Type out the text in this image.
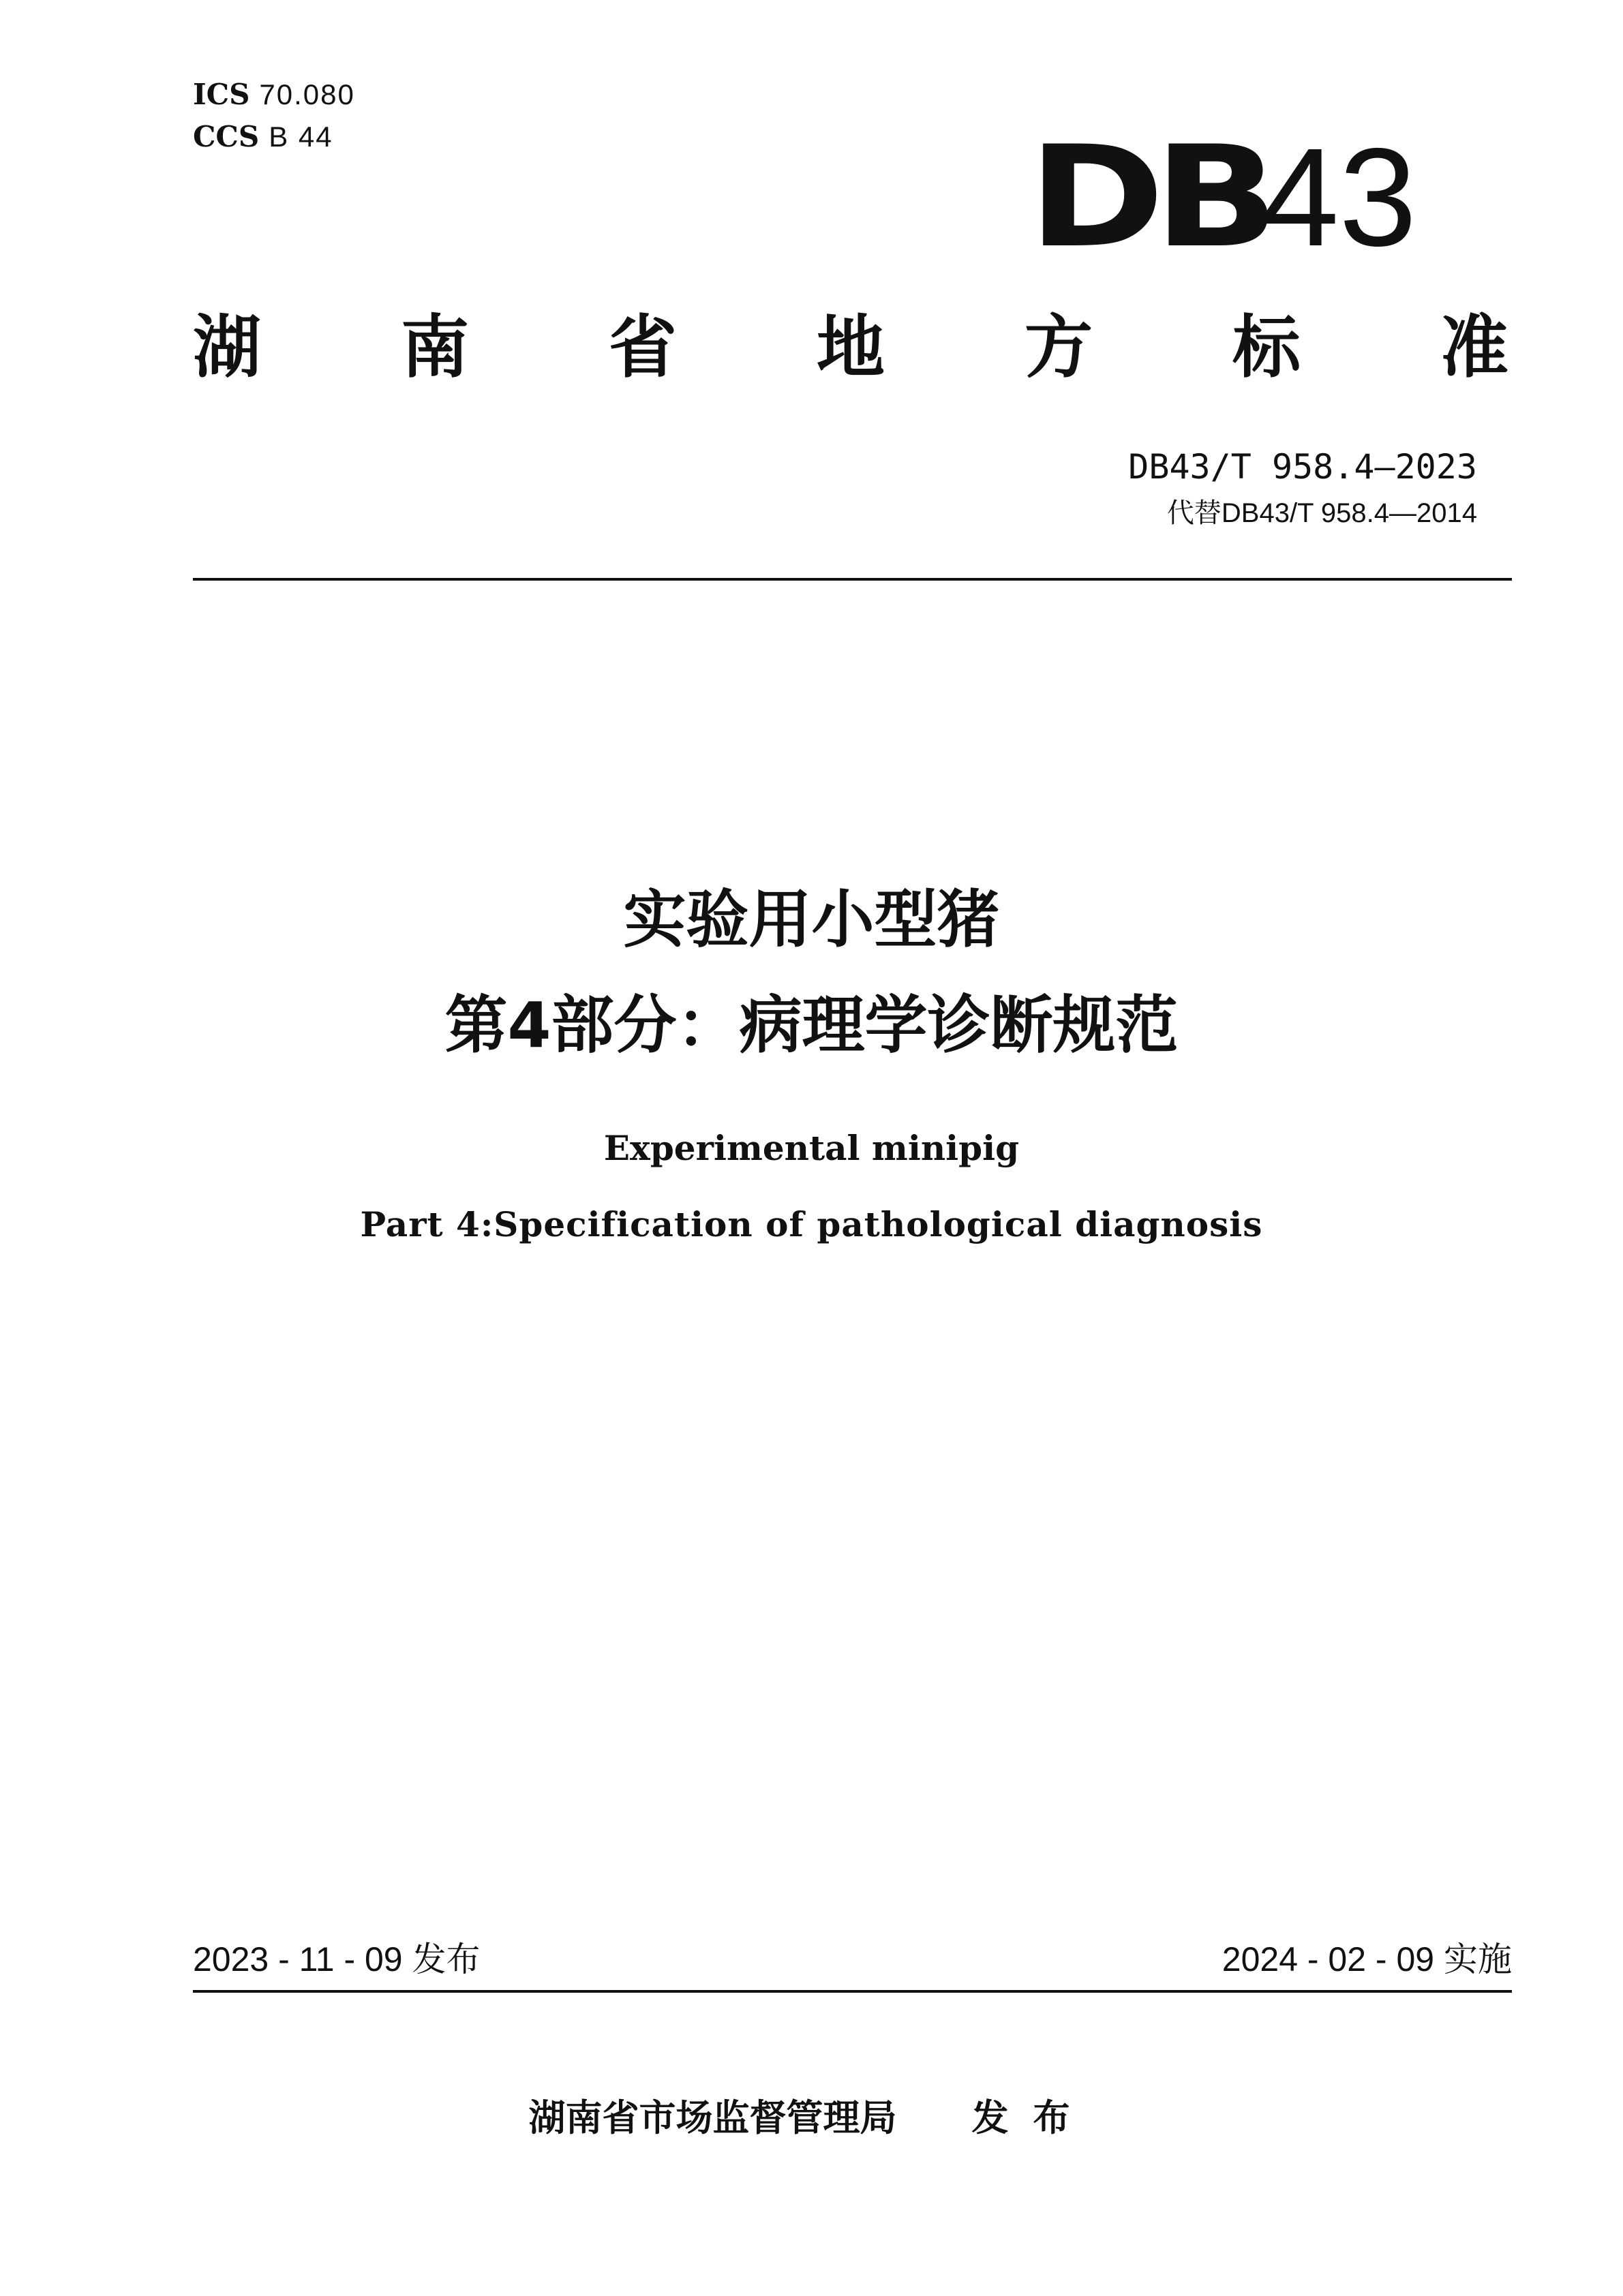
ICS 70.080
CCS B 44	DB43
湖 南 省 地 方 标 准
DB43/T 958.4—2023
代替DB43/T 958.4—2014
实验用小型猪
第4部分：病理学诊断规范
Experimental minipig
Part 4:Specification of pathological diagnosis
2023 - 11 - 09 发布	2024 - 02 - 09 实施
湖南省市场监督管理局 发布
